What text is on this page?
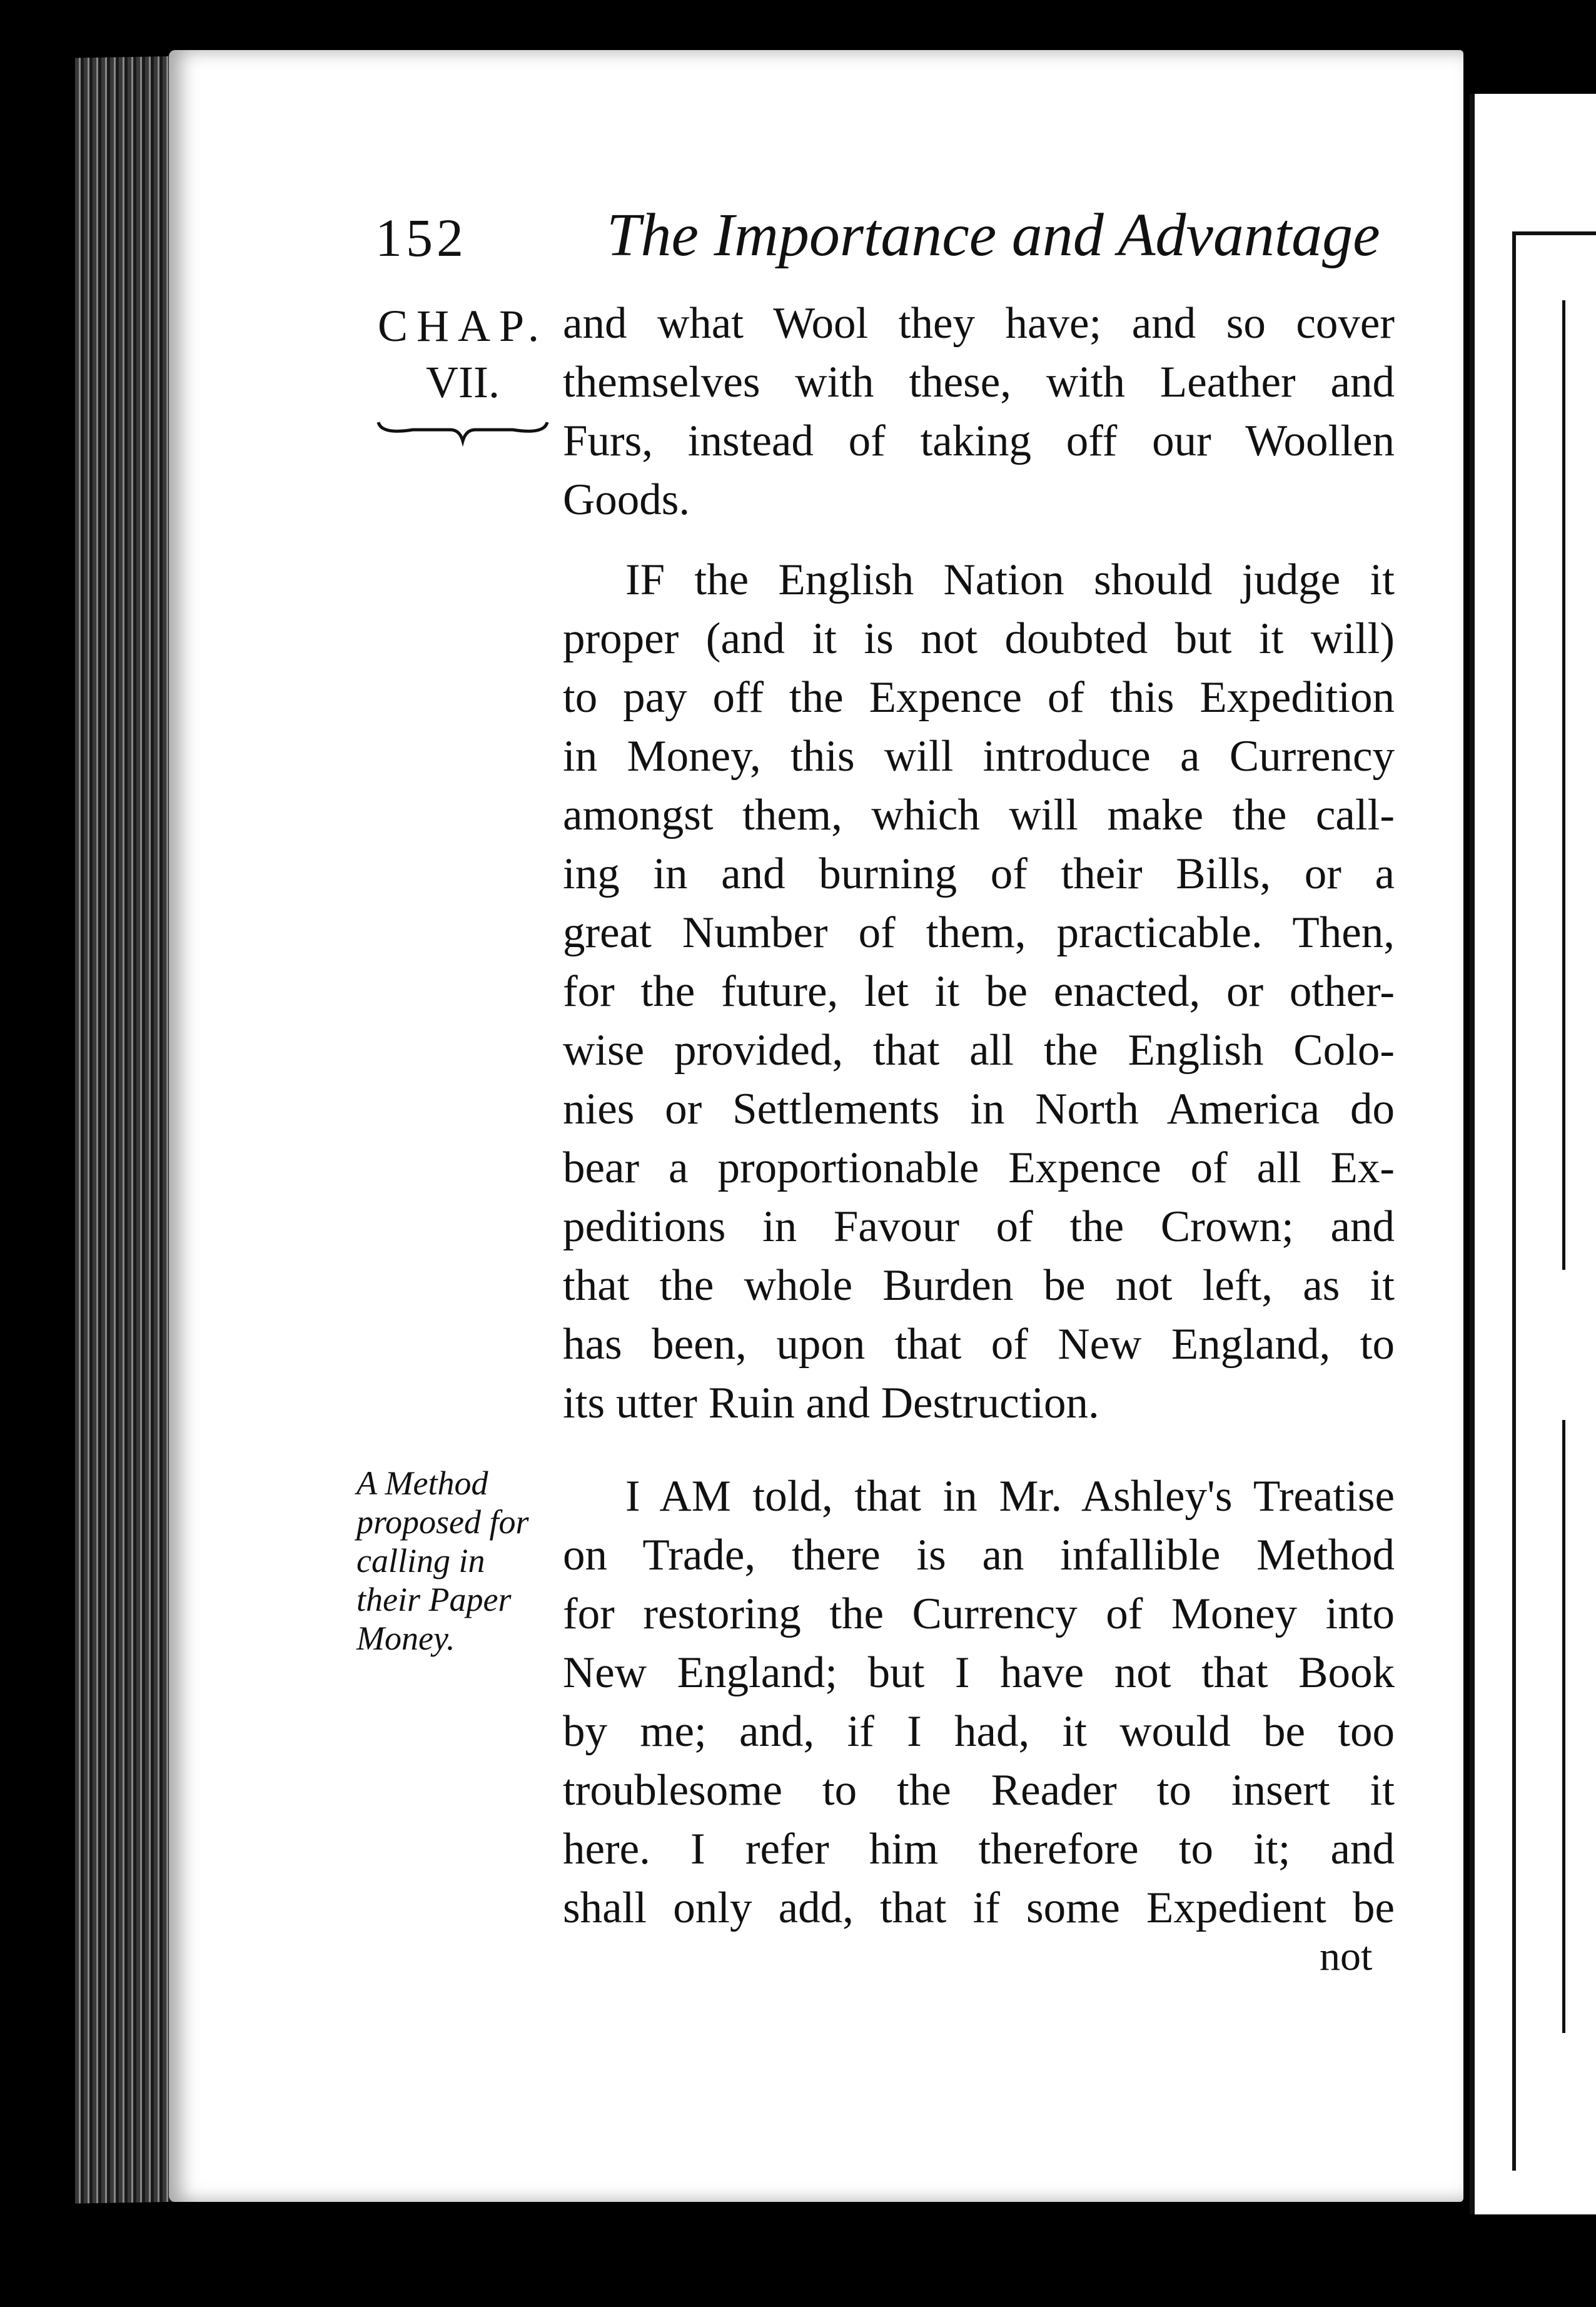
152 The Importance and Advantage
CHAP.
VII.
and what Wool they have; and so cover
themselves with these, with Leather and
Furs, instead of taking off our Woollen
Goods.
IF the English Nation should judge it
proper (and it is not doubted but it will)
to pay off the Expence of this Expedition
in Money, this will introduce a Currency
amongst them, which will make the call-
ing in and burning of their Bills, or a
great Number of them, practicable. Then,
for the future, let it be enacted, or other-
wise provided, that all the English Colo-
nies or Settlements in North America do
bear a proportionable Expence of all Ex-
peditions in Favour of the Crown; and
that the whole Burden be not left, as it
has been, upon that of New England, to
its utter Ruin and Destruction.
A Method
proposed for
calling in
their Paper
Money.
I AM told, that in Mr. Ashley's Treatise
on Trade, there is an infallible Method
for restoring the Currency of Money into
New England; but I have not that Book
by me; and, if I had, it would be too
troublesome to the Reader to insert it
here. I refer him therefore to it; and
shall only add, that if some Expedient be
not
